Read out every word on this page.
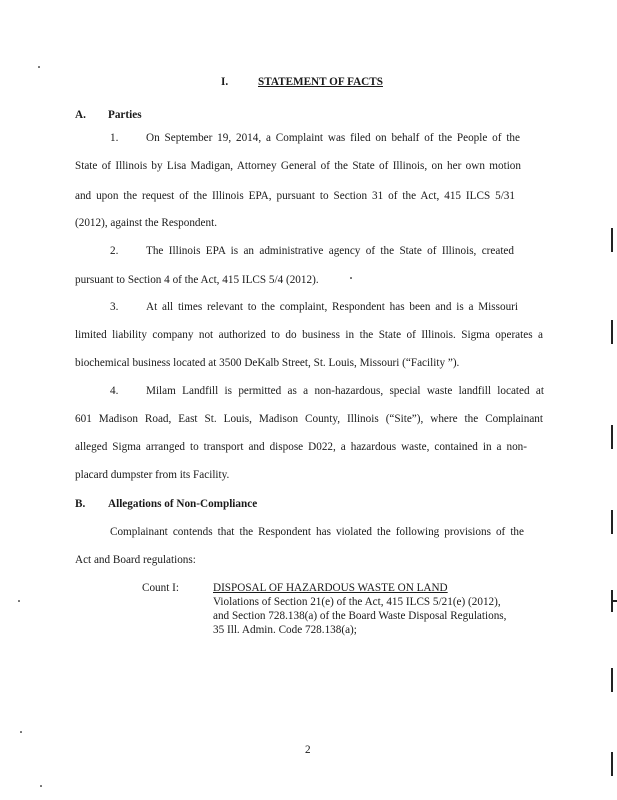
I.	STATEMENT OF FACTS
A. Parties
1. On September 19, 2014, a Complaint was filed on behalf of the People of the
State of Illinois by Lisa Madigan, Attorney General of the State of Illinois, on her own motion
and upon the request of the Illinois EPA, pursuant to Section 31 of the Act, 415 ILCS 5/31
(2012), against the Respondent.
2. The Illinois EPA is an administrative agency of the State of Illinois, created
pursuant to Section 4 of the Act, 415 ILCS 5/4 (2012).
3. At all times relevant to the complaint, Respondent has been and is a Missouri
limited liability company not authorized to do business in the State of Illinois. Sigma operates a
biochemical business located at 3500 DeKalb Street, St. Louis, Missouri (“Facility ”).
4. Milam Landfill is permitted as a non-hazardous, special waste landfill located at
601 Madison Road, East St. Louis, Madison County, Illinois (“Site”), where the Complainant
alleged Sigma arranged to transport and dispose D022, a hazardous waste, contained in a non-
placard dumpster from its Facility.
B. Allegations of Non-Compliance
Complainant contends that the Respondent has violated the following provisions of the
Act and Board regulations:
Count I:	DISPOSAL OF HAZARDOUS WASTE ON LAND
Violations of Section 21(e) of the Act, 415 ILCS 5/21(e) (2012),
and Section 728.138(a) of the Board Waste Disposal Regulations,
35 Ill. Admin. Code 728.138(a);
2
